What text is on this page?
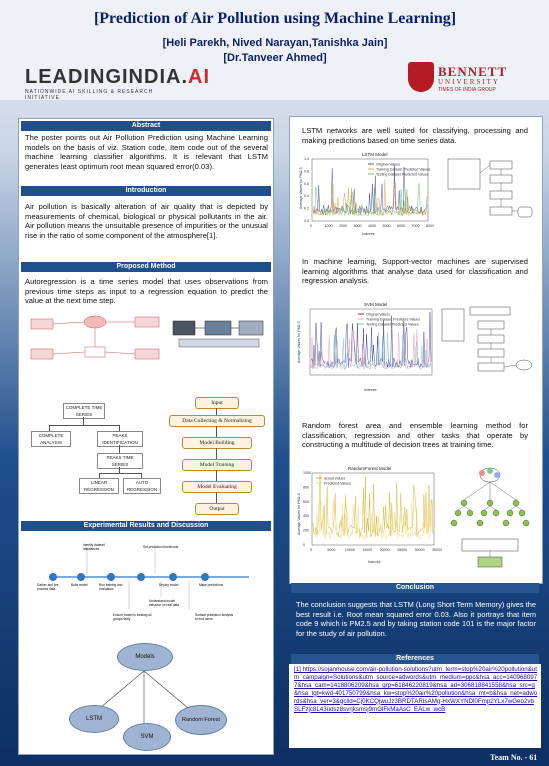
[Prediction of Air Pollution using Machine Learning]
[Heli Parekh, Nived Narayan,Tanishka Jain]
[Dr.Tanveer Ahmed]
LEADINGINDIA.AI
NATIONWIDE AI SKILLING & RESEARCH INITIATIVE
BENNETT
UNIVERSITY
TIMES OF INDIA GROUP
Abstract
The poster points out Air Pollution Prediction using Machine Learning models on the basis of viz. Station code, Item code out of the several machine learning classifier algorithms. It is relevant that LSTM generates least optimum root mean squared error(0.03).
Introduction
Air pollution is basically alteration of air quality that is depicted by measurements of chemical, biological or physical pollutants in the air. Air pollution means the unsuitable presence of impurities or the unusual rise in the ratio of some component of the atmosphere[1].
Proposed Method
Autoregression is a time series model that uses observations from previous time steps as input to a regression equation to predict the value at the next time step.
COMPLETE TIME SERIES
COMPLETE ANALYSIS
PEAKS IDENTIFICATION
PEAKS TIME SERIES
LINEAR REGRESSION
AUTO REGRESSION
Input
Data Collecting & Normalizing
Model Building
Model Training
Model Evaluating
Output
Experimental Results and Discussion
Identify dataset imbalances	Set prediction thresholds
Gather and pre-process data
Build model	Run training and evaluation
Deploy model	Make predictions
Understand model behavior on real data
Ensure model is treating all groups fairly
Surface prediction analysis to end users
Models
LSTM
SVM
Random Forest
LSTM networks are well suited for classifying, processing and making predictions based on time series data.
LSTM Model
0	1000 2000 3000 4000 5000 6000 7000 8000
0.0
0.2
0.4
0.6
0.8
1.0
Indexes
Average Values for PM2.5
Original Values
Training Dataset Predicted Values
Testing Dataset Predicted Values
In machine learning, Support-vector machines are supervised learning algorithms that analyse data used for classification and regression analysis.
SVM Model
Indexes
Average Values for PM2.5
Original Values
Training Dataset Predicted Values
Testing Dataset Predicted Values
Random forest area and ensemble learning method for classification, regression and other tasks that operate by constructing a multitude of decision trees at training time.
RandomForest Model
0	5000	10000 15000 20000 25000 30000 35000
0
200
400
600
800
1000
Indexes
Average Values for PM2.5
actual Values
Predicted Values
Conclusion
The conclusion suggests that LSTM (Long Short Term Memory) gives the best result i.e. Root mean squared error 0.03. Also it portrays that item code 9 which is PM2.5 and by taking station code 101 is the major factor for the study of air pollution.
References
[1] https://sojanmouse.com/air-pollution-solutions?utm_term=stop%20air%20pollution&utm_campaign=Solutions&utm_source=adwords&utm_medium=ppc&hsa_acc=1409680977&hsa_cam=1418806209&hsa_grp=61846220819&hsa_ad=306818841558&hsa_src=g&hsa_tgt=kwd-401750799&hsa_kw=stop%20air%20pollution&hsa_mt=b&hsa_net=adwords&hsa_ver=3&gclid=Cj0KCQjwuJz3BRDTARIsAMg-HxWXYNDl0Fmp2YLx7wGeo2vbSLFzjc8L43udsz8svrjksmsj9mGlFkMaAsC_EALw_wcB
Team No. - 61
